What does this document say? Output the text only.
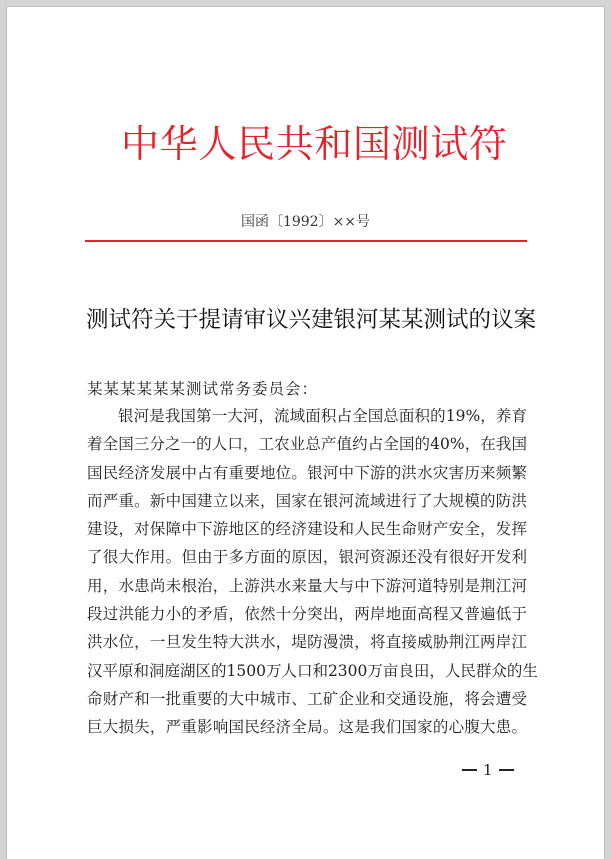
中 华 人 民 共 和 国 测 试 符
国函〔1992〕××号
测试符关于提请审议兴建银河某某测试的议案
某某某某某某测试常务委员会：
银河是我国第一大河，流域面积占全国总面积的19%，养育
着全国三分之一的人口，工农业总产值约占全国的40%，在我国
国民经济发展中占有重要地位。银河中下游的洪水灾害历来频繁
而严重。新中国建立以来，国家在银河流域进行了大规模的防洪
建设，对保障中下游地区的经济建设和人民生命财产安全，发挥
了很大作用。但由于多方面的原因，银河资源还没有很好开发利
用，水患尚未根治，上游洪水来量大与中下游河道特别是荆江河
段过洪能力小的矛盾，依然十分突出，两岸地面高程又普遍低于
洪水位，一旦发生特大洪水，堤防漫溃，将直接威胁荆江两岸江
汉平原和洞庭湖区的1500万人口和2300万亩良田，人民群众的生
命财产和一批重要的大中城市、工矿企业和交通设施，将会遭受
巨大损失，严重影响国民经济全局。这是我们国家的心腹大患。
1
